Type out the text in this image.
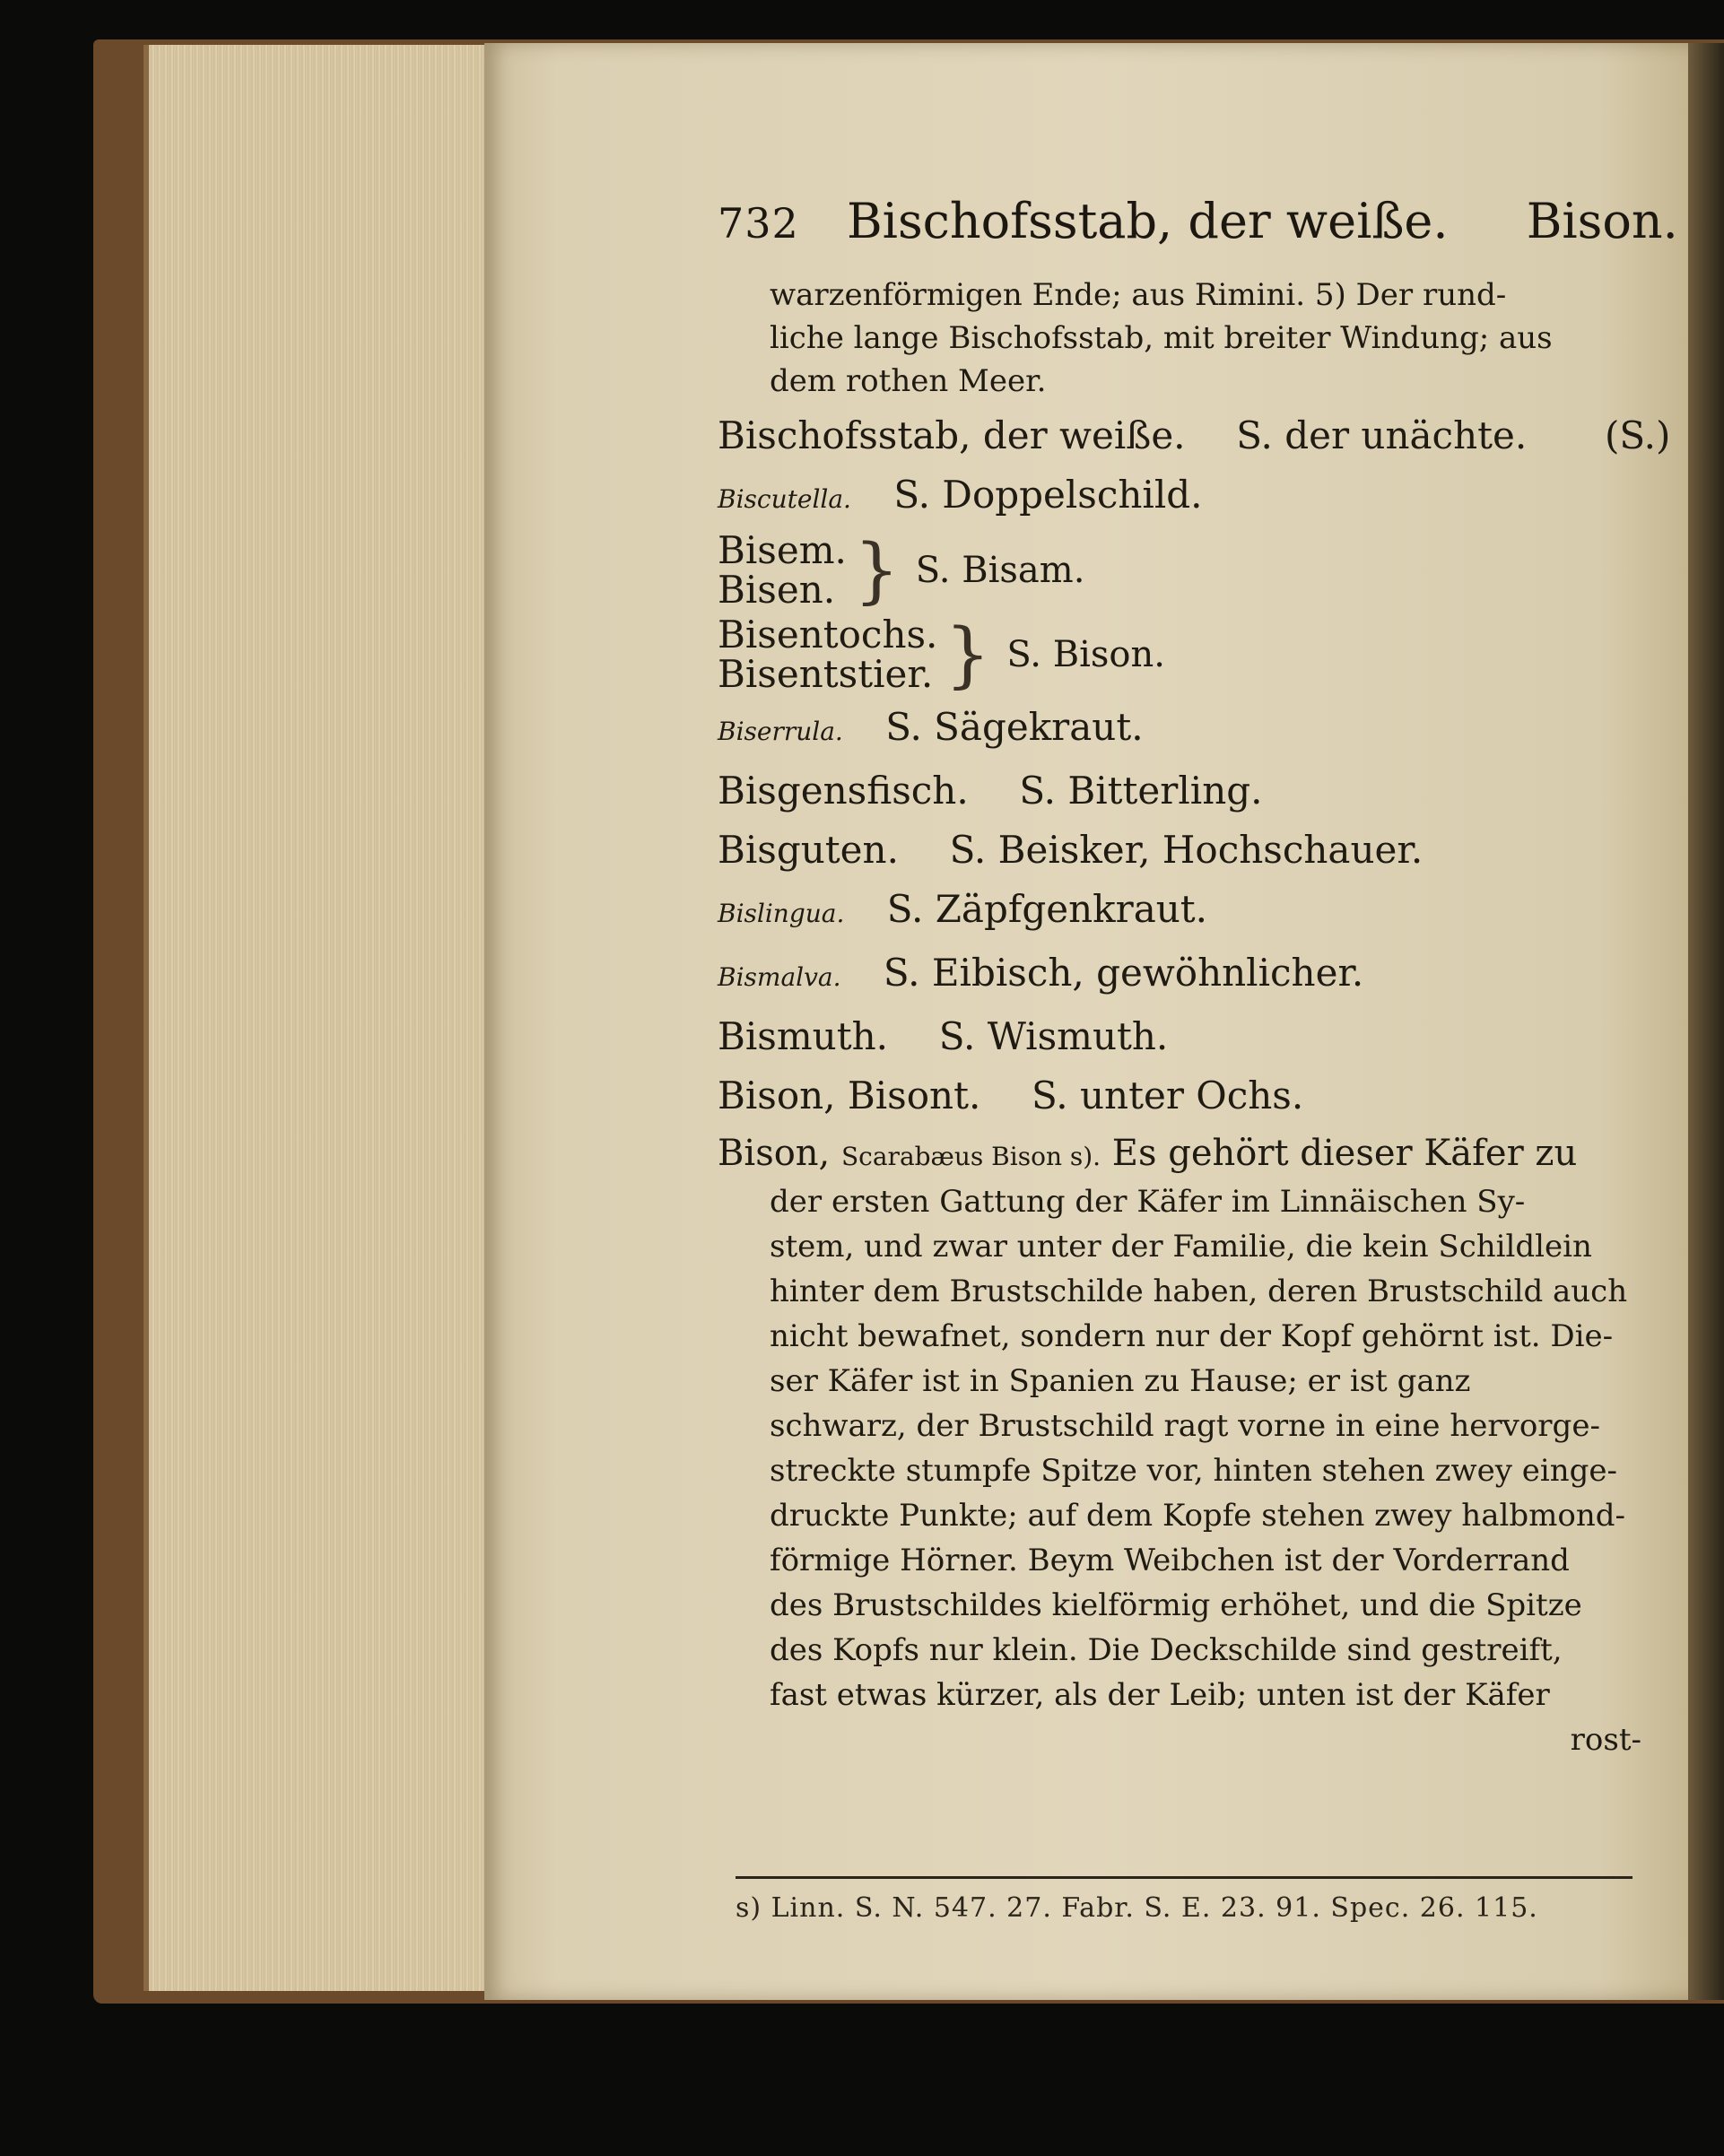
732 Bischofsstab, der weiße. Bison.
warzenförmigen Ende; aus Rimini. 5) Der rund-
liche lange Bischofsstab, mit breiter Windung; aus
dem rothen Meer.
Bischofsstab, der weiße. S. der unächte. (S.)
Biscutella. S. Doppelschild.
Bisem.
Bisen. } S. Bisam.
Bisentochs.
Bisentstier. } S. Bison.
Biserrula. S. Sägekraut.
Bisgensfisch. S. Bitterling.
Bisguten. S. Beisker, Hochschauer.
Bislingua. S. Zäpfgenkraut.
Bismalva. S. Eibisch, gewöhnlicher.
Bismuth. S. Wismuth.
Bison, Bisont. S. unter Ochs.
Bison, Scarabæus Bison s). Es gehört dieser Käfer zu
der ersten Gattung der Käfer im Linnäischen Sy-
stem, und zwar unter der Familie, die kein Schildlein
hinter dem Brustschilde haben, deren Brustschild auch
nicht bewafnet, sondern nur der Kopf gehörnt ist. Die-
ser Käfer ist in Spanien zu Hause; er ist ganz
schwarz, der Brustschild ragt vorne in eine hervorge-
streckte stumpfe Spitze vor, hinten stehen zwey einge-
druckte Punkte; auf dem Kopfe stehen zwey halbmond-
förmige Hörner. Beym Weibchen ist der Vorderrand
des Brustschildes kielförmig erhöhet, und die Spitze
des Kopfs nur klein. Die Deckschilde sind gestreift,
fast etwas kürzer, als der Leib; unten ist der Käfer
rost-
s) Linn. S. N. 547. 27. Fabr. S. E. 23. 91. Spec. 26. 115.
